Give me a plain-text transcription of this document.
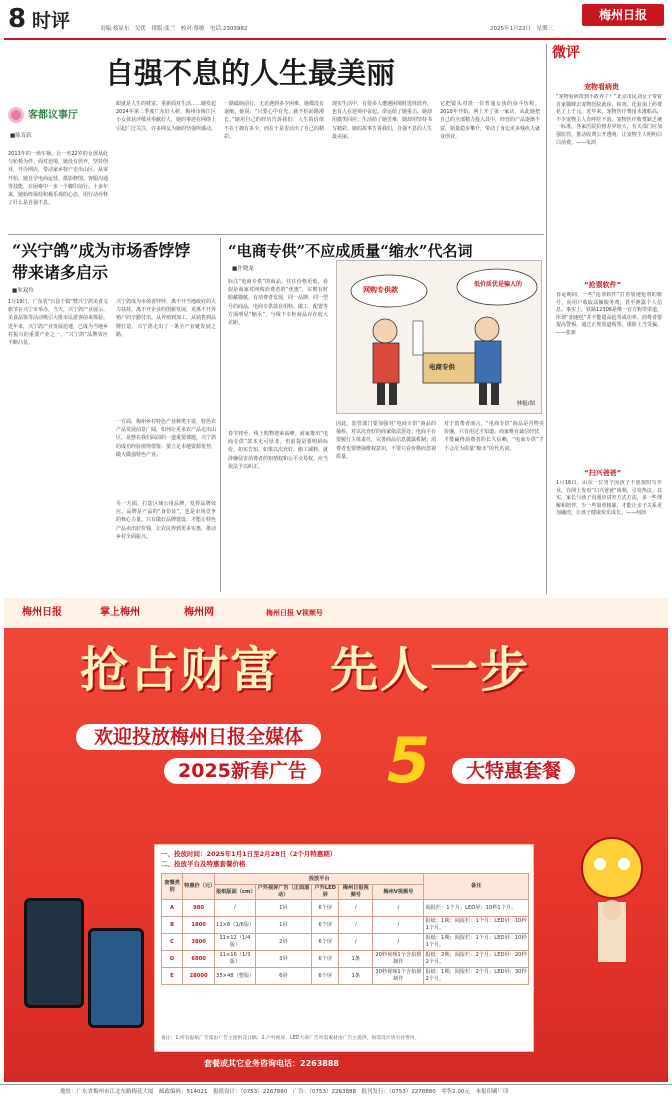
8 时评	责编:蔡显东　吴优　排版:张兰　校对:蔡敏　电话:2303982	2025年1月22日　星期三
梅州日报
自强不息的人生最美丽
客都议事厅
■陈育跃
2013年的一场车祸，让一名22岁的女孩从此与轮椅为伴。面对逆境，她没有放弃，坚持创业，开办网店，带动家乡特产走出山区。从零开始，她自学电商运营、摄影修图、客服沟通等技能，在困难中一步一个脚印前行。十多年来，她始终保持积极乐观的心态，用行动诠释了什么是自强不息。
眼就是人生的财富。重新面对生活……她发起2024年第二季度广东好人榜，梅州市梅江区小女孩获评敬业奉献好人，她的事迹在网络上引起广泛关注，许多网友为她的坚强所感动。
一路砥砺前行，无论遇到多少困难，她都没有退缩。她说：“只要心中有光，就不怕前路漫长。”她用自己的经历告诉我们：人生的价值不在于拥有多少，而在于是否活出了自己的精彩。
现实生活中，有很多人遭遇困境时选择放弃，也有人在逆境中奋起。命运给了她重击，她却用微笑回应；生活给了她苦难，她却用坚持书写精彩。她的故事告诉我们，自强不息的人生最美丽。
它把镜头对准一位普通女孩的奋斗历程。2010年开始，网上开了第一家店，从此她把自己的全部精力投入其中，经营的产品逐渐丰富，销量稳步攀升，带动了身边更多残疾人就业创业。
“兴宁鸽”成为市场香饽饽
带来诸多启示
■朱双玲
1月19日，广东省“百县千镇”暨兴宁鸽美食文旅节在兴宁市举办。当天，兴宁鸽产业展示、美食品鉴等活动吸引大批市民游客前来体验。近年来，兴宁鸽产业发展迅速，已成为当地乡村振兴的重要产业之一，“兴宁鸽”品牌效应不断凸显。
兴宁鸽成为市场香饽饽，离不开当地政府的大力扶持，离不开企业的创新发展，更离不开养殖户的辛勤付出。从养殖到加工，从销售到品牌打造，兴宁鸽走出了一条全产业链发展之路。
一方面，梅州乡村特色产业种类丰富，特色农产品发展前景广阔，如何让更多农产品走出山区，是摆在我们面前的一道重要课题。兴宁鸽的成功经验值得借鉴：要立足本地资源优势，做大做强特色产业。
另一方面，打造区域公用品牌，发挥品牌效应。品牌是产品的“身份证”，也是市场竞争的核心力量。只有做好品牌建设，才能让特色产品卖出好价钱，让农民得到更多实惠，推动乡村全面振兴。
“电商专供”不应成质量“缩水”代名词
■许晓龙
标注“电商专供”的商品，往往价格更低，看似是商家对网购消费者的“优惠”，实则有时暗藏猫腻。有消费者发现，同一品牌、同一型号的商品，电商专供款在用料、做工、配置等方面明显“缩水”，与线下专柜商品存在较大差距。
春节将至，线上购物迎来高峰。商家推出“电商专供”款本无可厚非，但前提是要明码标价、如实告知。如果以次充好、偷工减料，就涉嫌侵害消费者的知情权和公平交易权，应当依法予以纠正。
因此，监管部门要加强对“电商专供”商品的抽检，对以次充好的商家依法惩处；电商平台要履行主体责任，完善商品信息披露机制；消费者也要增强维权意识，不要只看价格而忽视质量。
对于消费者而言，“电商专供”商品是否物美价廉，只有用过才知道。商家唯有诚信经营，才能赢得消费者的长久信赖，“电商专供”才不会沦为质量“缩水”的代名词。
网购专供款
低价质优是骗人的
电商专供
林魁/图
微评
宠物看病贵
“宠物看病贵到不敢养了！”北京市民刘女士带着自家猫咪去宠物医院就诊，检查、化验加上药费花了上千元。近年来，宠物医疗费用水涨船高，不少宠物主人直呼吃不消。宠物医疗收费缺乏统一标准，各家医院价格差异较大，有关部门应加强监管，推动收费公开透明，让宠物主人明明白白消费。——朱鸿
“抢票软件”
春运期间，一些“抢票软件”打着加速抢票的旗号，向用户收取高额服务费，甚至泄露个人信息。事实上，铁路12306是唯一官方购票渠道，所谓“加速包”并不能提高抢票成功率。消费者要提高警惕，通过正规渠道购票，谨防上当受骗。——张新
“扫兴爸爸”
1月16日，山东一位男子因孩子不愿按时写作业，在网上发布“扫兴爸爸”视频，引发热议。其实，家长与孩子沟通应讲究方式方法，多一些理解和陪伴，少一些简单粗暴，才能让亲子关系更加融洽，让孩子健康快乐成长。——何沛
梅州日报	掌上梅州	梅州网	梅州日报 V视频号
抢占财富　先人一步
欢迎投放梅州日报全媒体
2025新春广告 5	大特惠套餐
一、投放时间：2025年1月1日至2月28日（2个月特惠期）
二、投放平台及特惠套餐价格
套餐类别	特惠价（元）	投放平台					备注
		报纸版面（cm）	户外视屏广告（正面滚动）	户外LED屏	梅州日报视频号	梅州V视频号	
A	980	/	1屏	6个屏	/	/	阅报栏：1个月；LED屏：10秒1个月。
B	1800	11×6（1/6版）	1屏	6个屏	/	/	报纸：1期；阅报栏：1个月；LED屏：10秒1个月。
C	3800	11×12（1/4版）	2屏	6个屏	/	/	报纸：1期；阅报栏：1个月；LED屏：10秒1个月。
D	6800	11×16（1/3版）	3屏	6个屏	1条	20秒视频1个含拍摄制作	报纸：2期；阅报栏：2个月；LED屏：20秒2个月。
E	28000	35×48（整版）	6屏	6个屏	1条	30秒视频1个含拍摄制作	报纸：1期；阅报栏：2个月；LED屏：30秒2个月。
备注：1.所有报纸广告需由广告主提供设计稿；2.户外视屏、LED大屏广告所需素材由广告主提供，如需设计请另付费用。
套餐或其它业务咨询电话：2263888
地址：广东省梅州市江北东路梅花大厦　邮政编码：514021　报纸设计：（0753）2267880　广告：（0753）2263888　报刊发行：（0753）2278880　零售2.00元　本报印刷厂印
